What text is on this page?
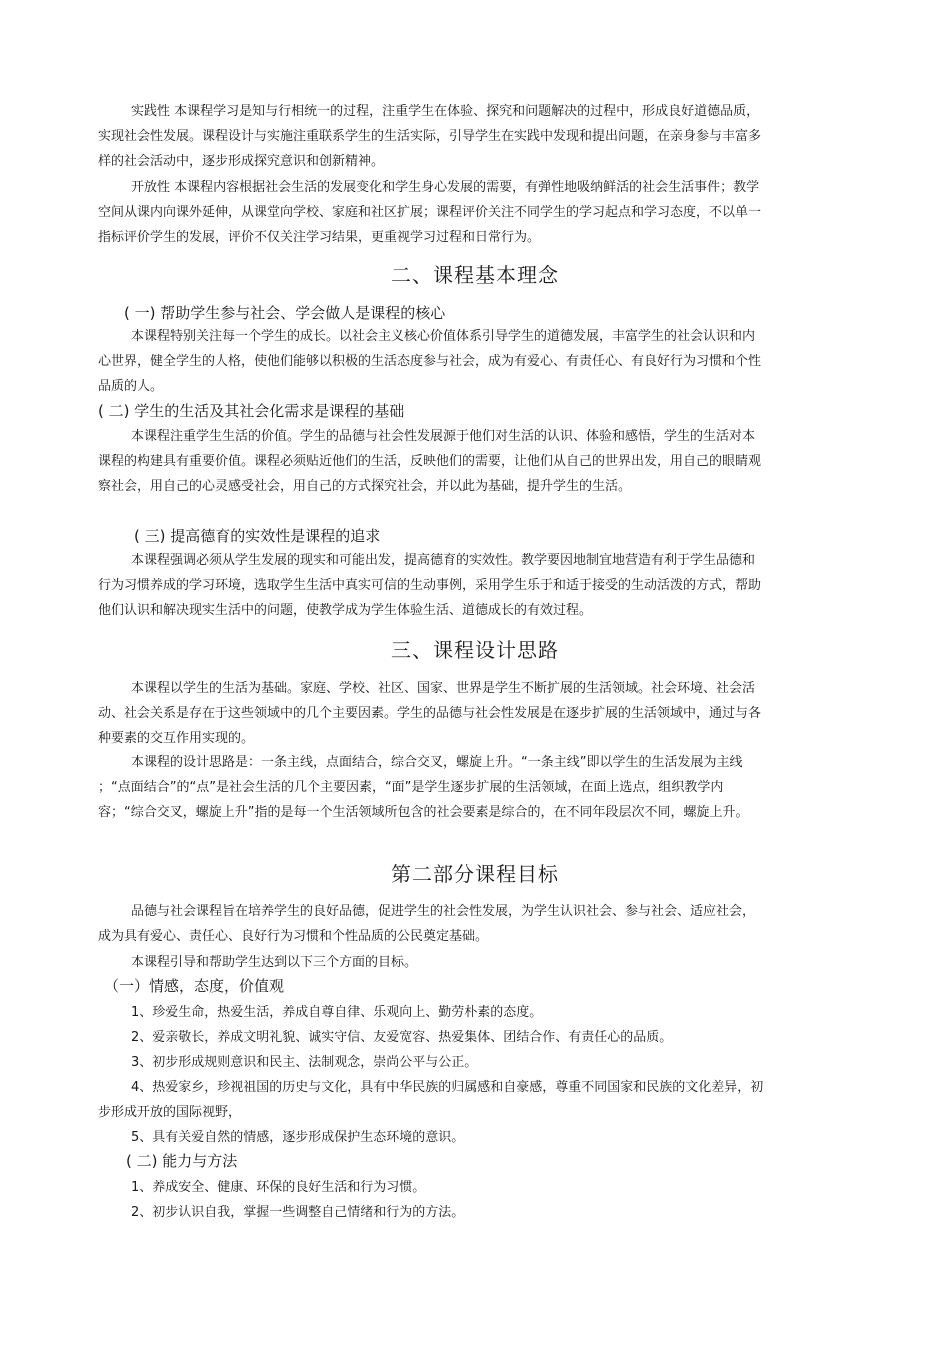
实践性 本课程学习是知与行相统一的过程，注重学生在体验、探究和问题解决的过程中，形成良好道德品质，实现社会性发展。课程设计与实施注重联系学生的生活实际，引导学生在实践中发现和提出问题，在亲身参与丰富多样的社会活动中，逐步形成探究意识和创新精神。

开放性 本课程内容根据社会生活的发展变化和学生身心发展的需要，有弹性地吸纳鲜活的社会生活事件；教学空间从课内向课外延伸，从课堂向学校、家庭和社区扩展；课程评价关注不同学生的学习起点和学习态度，不以单一指标评价学生的发展，评价不仅关注学习结果，更重视学习过程和日常行为。

二、课程基本理念
( 一) 帮助学生参与社会、学会做人是课程的核心

本课程特别关注每一个学生的成长。以社会主义核心价值体系引导学生的道德发展，丰富学生的社会认识和内心世界，健全学生的人格，使他们能够以积极的生活态度参与社会，成为有爱心、有责任心、有良好行为习惯和个性品质的人。

( 二) 学生的生活及其社会化需求是课程的基础

本课程注重学生生活的价值。学生的品德与社会性发展源于他们对生活的认识、体验和感悟，学生的生活对本课程的构建具有重要价值。课程必须贴近他们的生活，反映他们的需要，让他们从自己的世界出发，用自己的眼睛观察社会，用自己的心灵感受社会，用自己的方式探究社会，并以此为基础，提升学生的生活。

( 三) 提高德育的实效性是课程的追求

本课程强调必须从学生发展的现实和可能出发，提高德育的实效性。教学要因地制宜地营造有利于学生品德和行为习惯养成的学习环境，选取学生生活中真实可信的生动事例，采用学生乐于和适于接受的生动活泼的方式，帮助他们认识和解决现实生活中的问题，使教学成为学生体验生活、道德成长的有效过程。

三、课程设计思路

本课程以学生的生活为基础。家庭、学校、社区、国家、世界是学生不断扩展的生活领域。社会环境、社会活动、社会关系是存在于这些领域中的几个主要因素。学生的品德与社会性发展是在逐步扩展的生活领域中，通过与各种要素的交互作用实现的。

本课程的设计思路是：一条主线，点面结合，综合交叉，螺旋上升。“一条主线”即以学生的生活发展为主线 ；“点面结合”的“点”是社会生活的几个主要因素，“面”是学生逐步扩展的生活领域，在面上选点，组织教学内容；“综合交叉，螺旋上升”指的是每一个生活领域所包含的社会要素是综合的，在不同年段层次不同，螺旋上升。

第二部分课程目标

品德与社会课程旨在培养学生的良好品德，促进学生的社会性发展，为学生认识社会、参与社会、适应社会，成为具有爱心、责任心、良好行为习惯和个性品质的公民奠定基础。

本课程引导和帮助学生达到以下三个方面的目标。

（一）情感，态度，价值观

1、珍爱生命，热爱生活，养成自尊自律、乐观向上、勤劳朴素的态度。

2、爱亲敬长，养成文明礼貌、诚实守信、友爱宽容、热爱集体、团结合作、有责任心的品质。

3、初步形成规则意识和民主、法制观念，崇尚公平与公正。

4、热爱家乡，珍视祖国的历史与文化，具有中华民族的归属感和自豪感，尊重不同国家和民族的文化差异，初步形成开放的国际视野，

5、具有关爱自然的情感，逐步形成保护生态环境的意识。

( 二) 能力与方法

1、养成安全、健康、环保的良好生活和行为习惯。

2、初步认识自我，掌握一些调整自己情绪和行为的方法。
